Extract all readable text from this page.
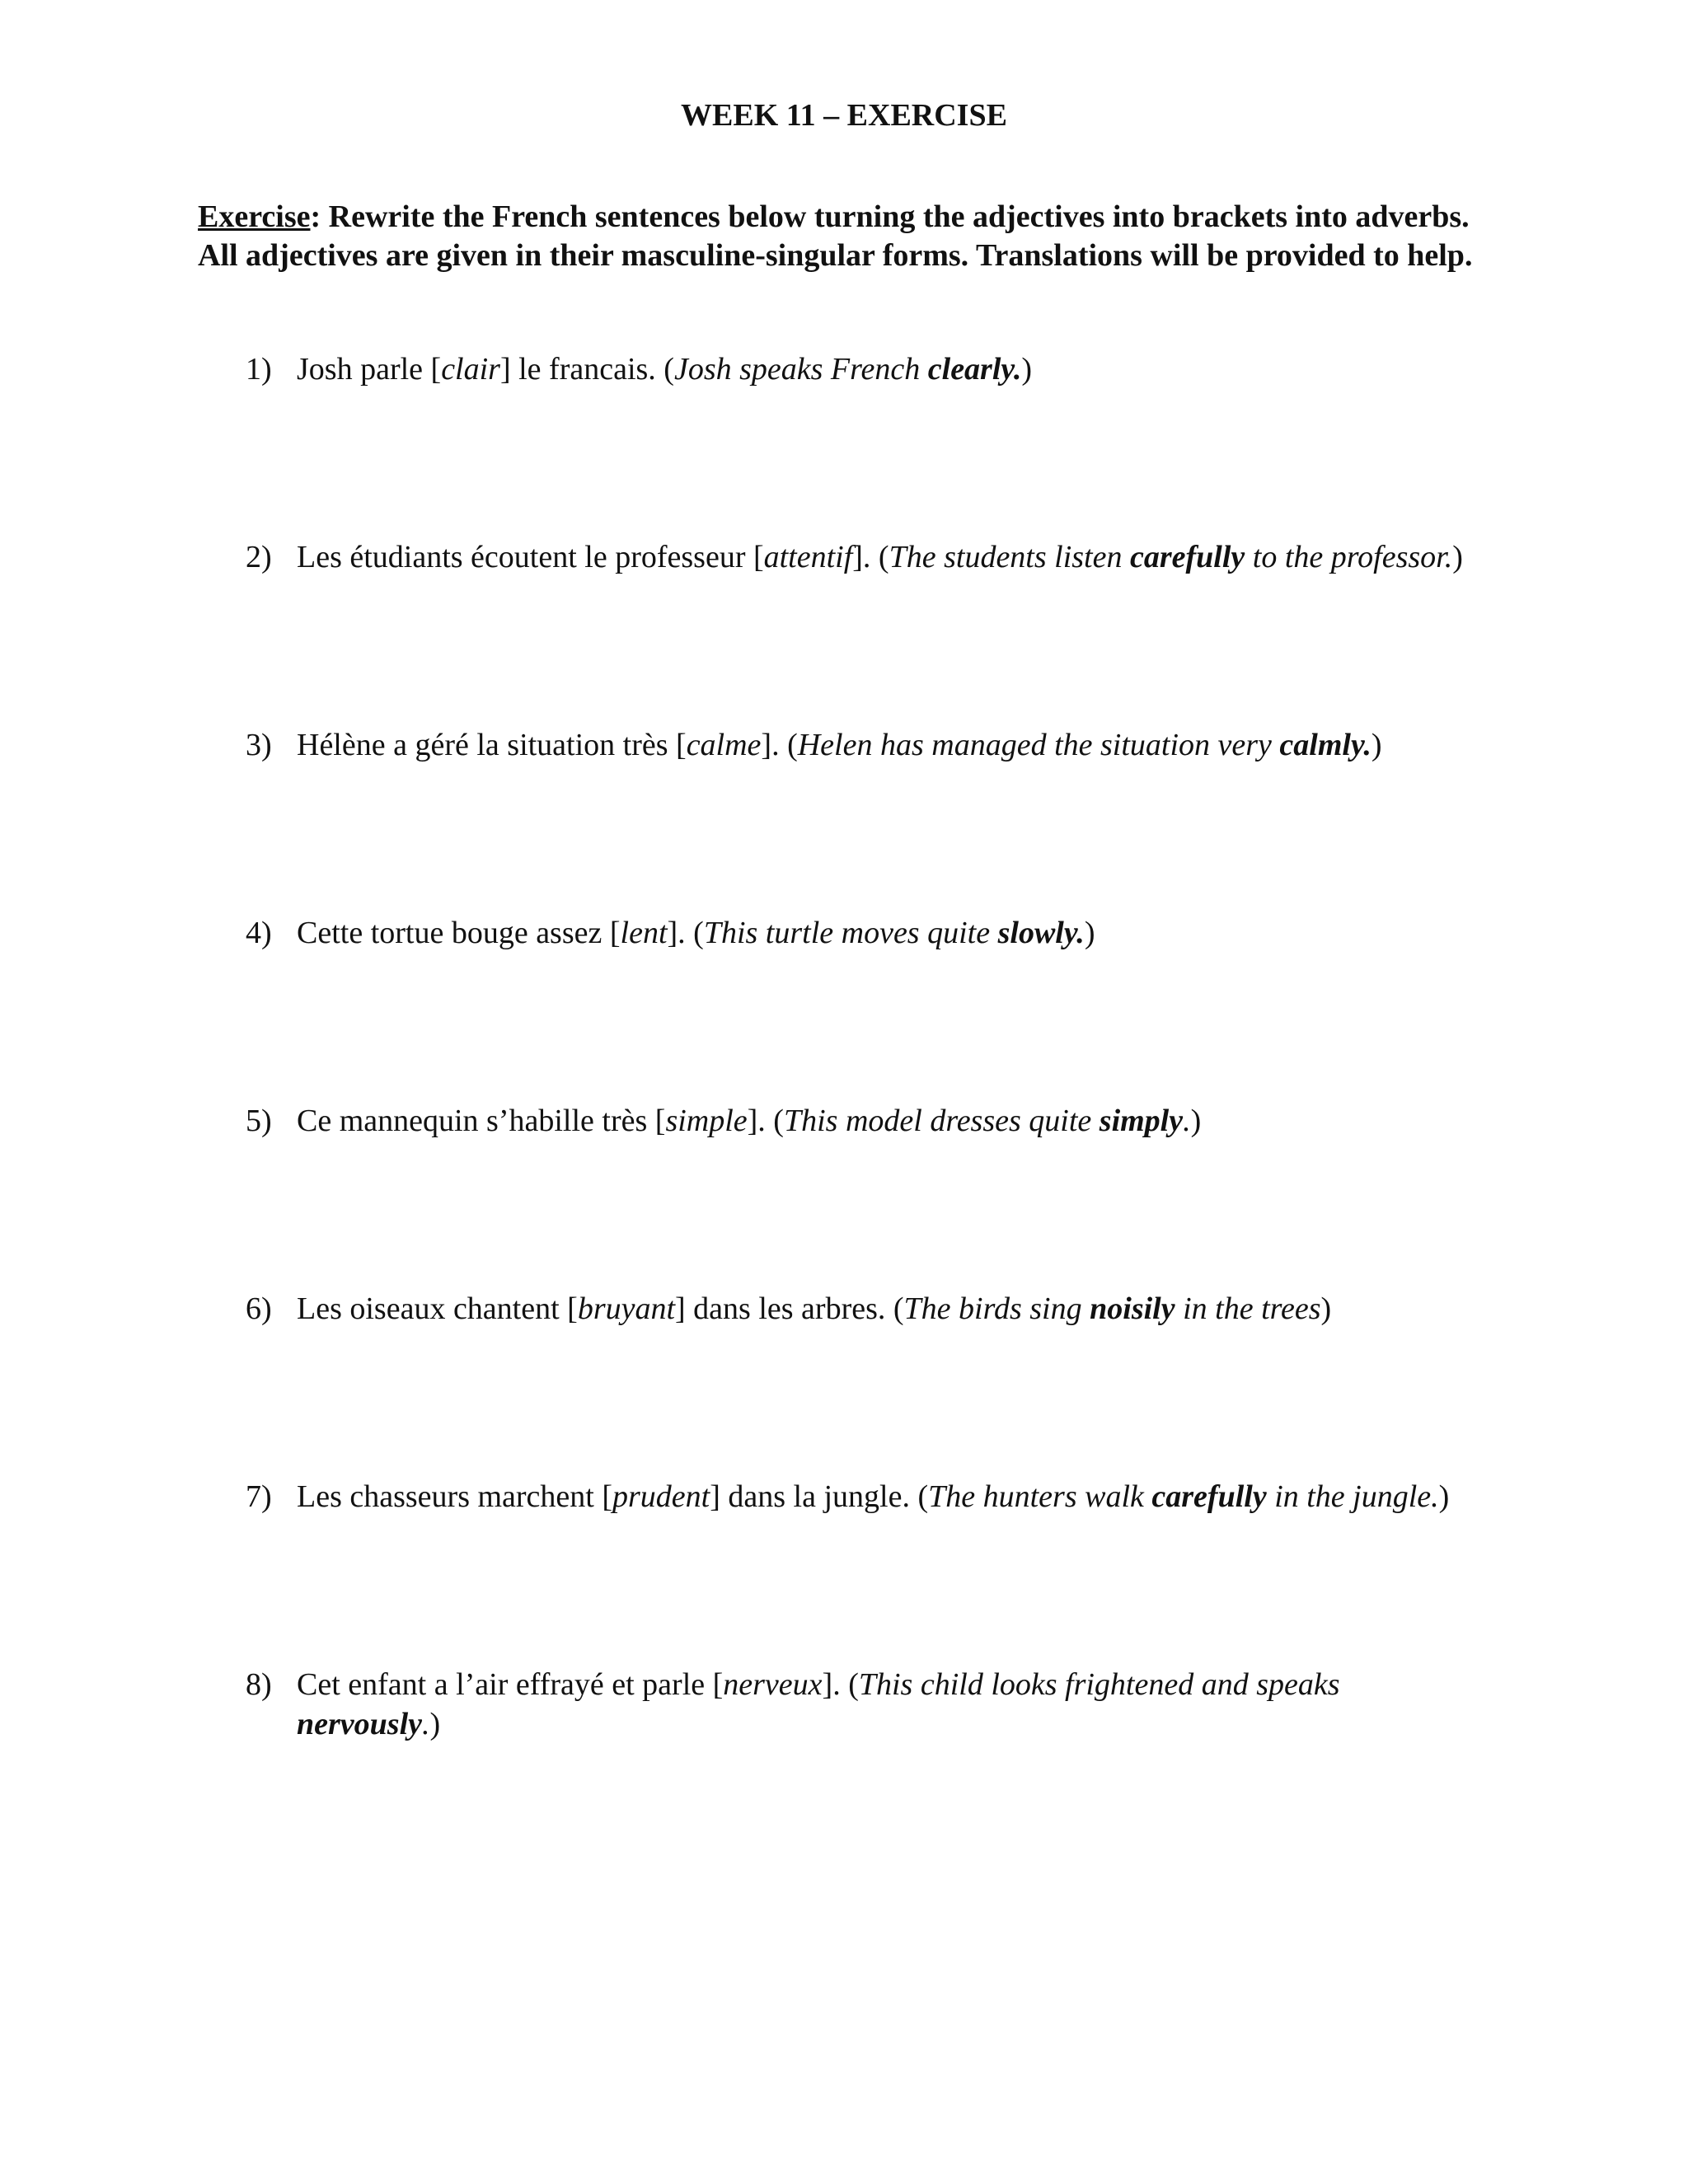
WEEK 11 – EXERCISE
Exercise: Rewrite the French sentences below turning the adjectives into brackets into adverbs. All adjectives are given in their masculine-singular forms. Translations will be provided to help.
1) Josh parle [clair] le francais. (Josh speaks French clearly.)
2) Les étudiants écoutent le professeur [attentif]. (The students listen carefully to the professor.)
3) Hélène a géré la situation très [calme]. (Helen has managed the situation very calmly.)
4) Cette tortue bouge assez [lent]. (This turtle moves quite slowly.)
5) Ce mannequin s’habille très [simple]. (This model dresses quite simply.)
6) Les oiseaux chantent [bruyant] dans les arbres. (The birds sing noisily in the trees)
7) Les chasseurs marchent [prudent] dans la jungle. (The hunters walk carefully in the jungle.)
8) Cet enfant a l’air effrayé et parle [nerveux]. (This child looks frightened and speaks nervously.)
